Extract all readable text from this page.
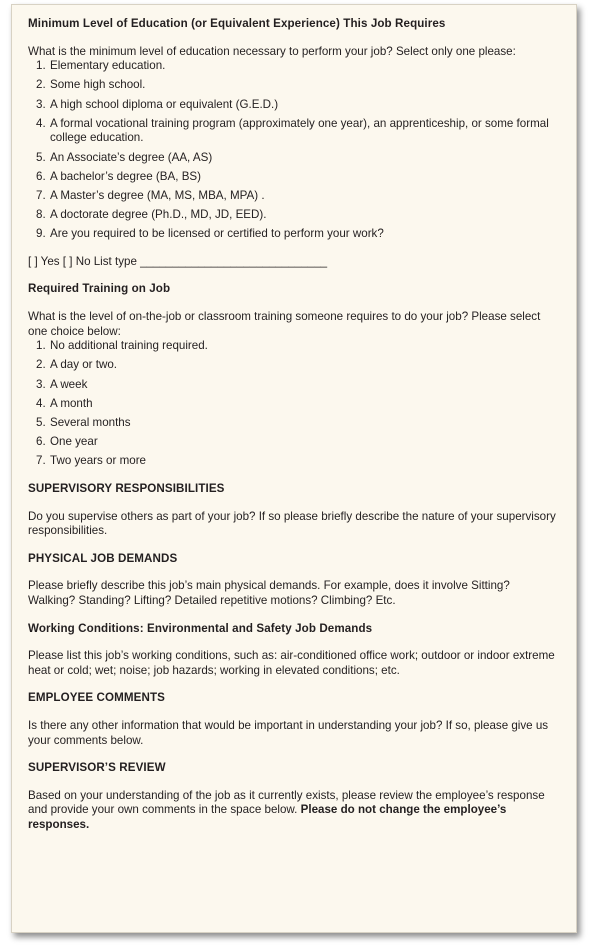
Minimum Level of Education (or Equivalent Experience) This Job Requires

What is the minimum level of education necessary to perform your job? Select only one please:

1. Elementary education.
2. Some high school.
3. A high school diploma or equivalent (G.E.D.)
4. A formal vocational training program (approximately one year), an apprenticeship, or some formal college education.
5. An Associate’s degree (AA, AS)
6. A bachelor’s degree (BA, BS)
7. A Master’s degree (MA, MS, MBA, MPA) .
8. A doctorate degree (Ph.D., MD, JD, EED).
9. Are you required to be licensed or certified to perform your work?

[ ] Yes [ ] No List type _____________________________

Required Training on Job

What is the level of on-the-job or classroom training someone requires to do your job? Please select one choice below:

1. No additional training required.
2. A day or two.
3. A week
4. A month
5. Several months
6. One year
7. Two years or more

SUPERVISORY RESPONSIBILITIES

Do you supervise others as part of your job? If so please briefly describe the nature of your supervisory responsibilities.

PHYSICAL JOB DEMANDS

Please briefly describe this job’s main physical demands. For example, does it involve Sitting? Walking? Standing? Lifting? Detailed repetitive motions? Climbing? Etc.

Working Conditions: Environmental and Safety Job Demands

Please list this job’s working conditions, such as: air-conditioned office work; outdoor or indoor extreme heat or cold; wet; noise; job hazards; working in elevated conditions; etc.

EMPLOYEE COMMENTS

Is there any other information that would be important in understanding your job? If so, please give us your comments below.

SUPERVISOR’S REVIEW

Based on your understanding of the job as it currently exists, please review the employee’s response and provide your own comments in the space below. Please do not change the employee’s responses.
